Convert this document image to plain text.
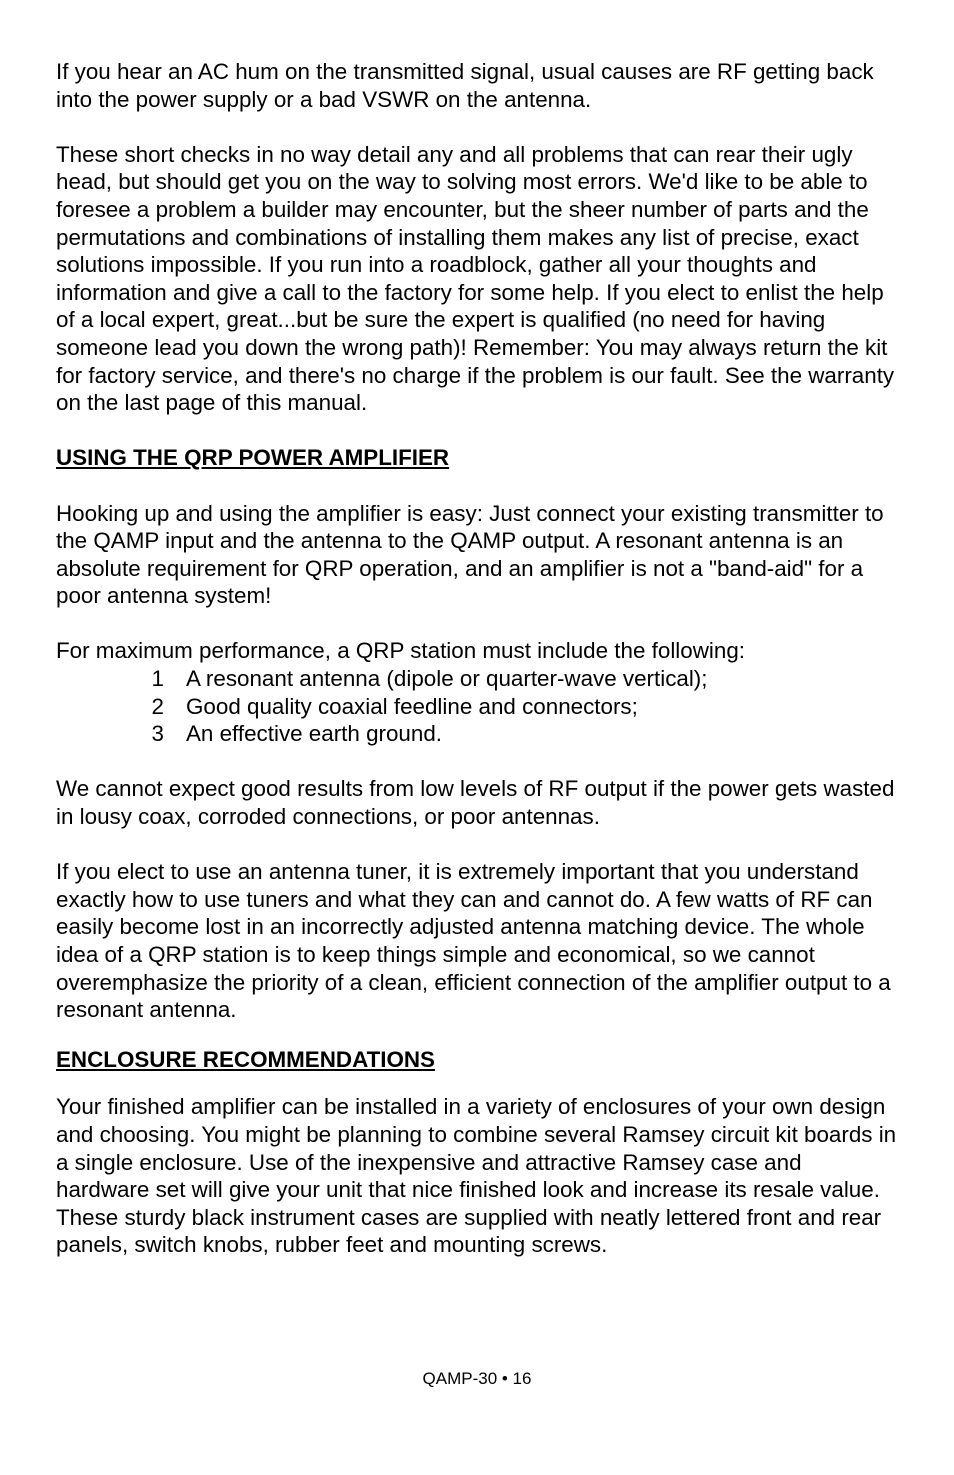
If you hear an AC hum on the transmitted signal, usual causes are RF getting back into the power supply or a bad VSWR on the antenna.

These short checks in no way detail any and all problems that can rear their ugly head, but should get you on the way to solving most errors. We'd like to be able to foresee a problem a builder may encounter, but the sheer number of parts and the permutations and combinations of installing them makes any list of precise, exact solutions impossible. If you run into a roadblock, gather all your thoughts and information and give a call to the factory for some help. If you elect to enlist the help of a local expert, great...but be sure the expert is qualified (no need for having someone lead you down the wrong path)! Remember: You may always return the kit for factory service, and there's no charge if the problem is our fault. See the warranty on the last page of this manual.

USING THE QRP POWER AMPLIFIER

Hooking up and using the amplifier is easy: Just connect your existing transmitter to the QAMP input and the antenna to the QAMP output. A resonant antenna is an absolute requirement for QRP operation, and an amplifier is not a "band-aid" for a poor antenna system!

For maximum performance, a QRP station must include the following:

1 A resonant antenna (dipole or quarter-wave vertical);
2 Good quality coaxial feedline and connectors;
3 An effective earth ground.

We cannot expect good results from low levels of RF output if the power gets wasted in lousy coax, corroded connections, or poor antennas.

If you elect to use an antenna tuner, it is extremely important that you understand exactly how to use tuners and what they can and cannot do. A few watts of RF can easily become lost in an incorrectly adjusted antenna matching device. The whole idea of a QRP station is to keep things simple and economical, so we cannot overemphasize the priority of a clean, efficient connection of the amplifier output to a resonant antenna.

ENCLOSURE RECOMMENDATIONS

Your finished amplifier can be installed in a variety of enclosures of your own design and choosing. You might be planning to combine several Ramsey circuit kit boards in a single enclosure. Use of the inexpensive and attractive Ramsey case and hardware set will give your unit that nice finished look and increase its resale value. These sturdy black instrument cases are supplied with neatly lettered front and rear panels, switch knobs, rubber feet and mounting screws.

QAMP-30 • 16
